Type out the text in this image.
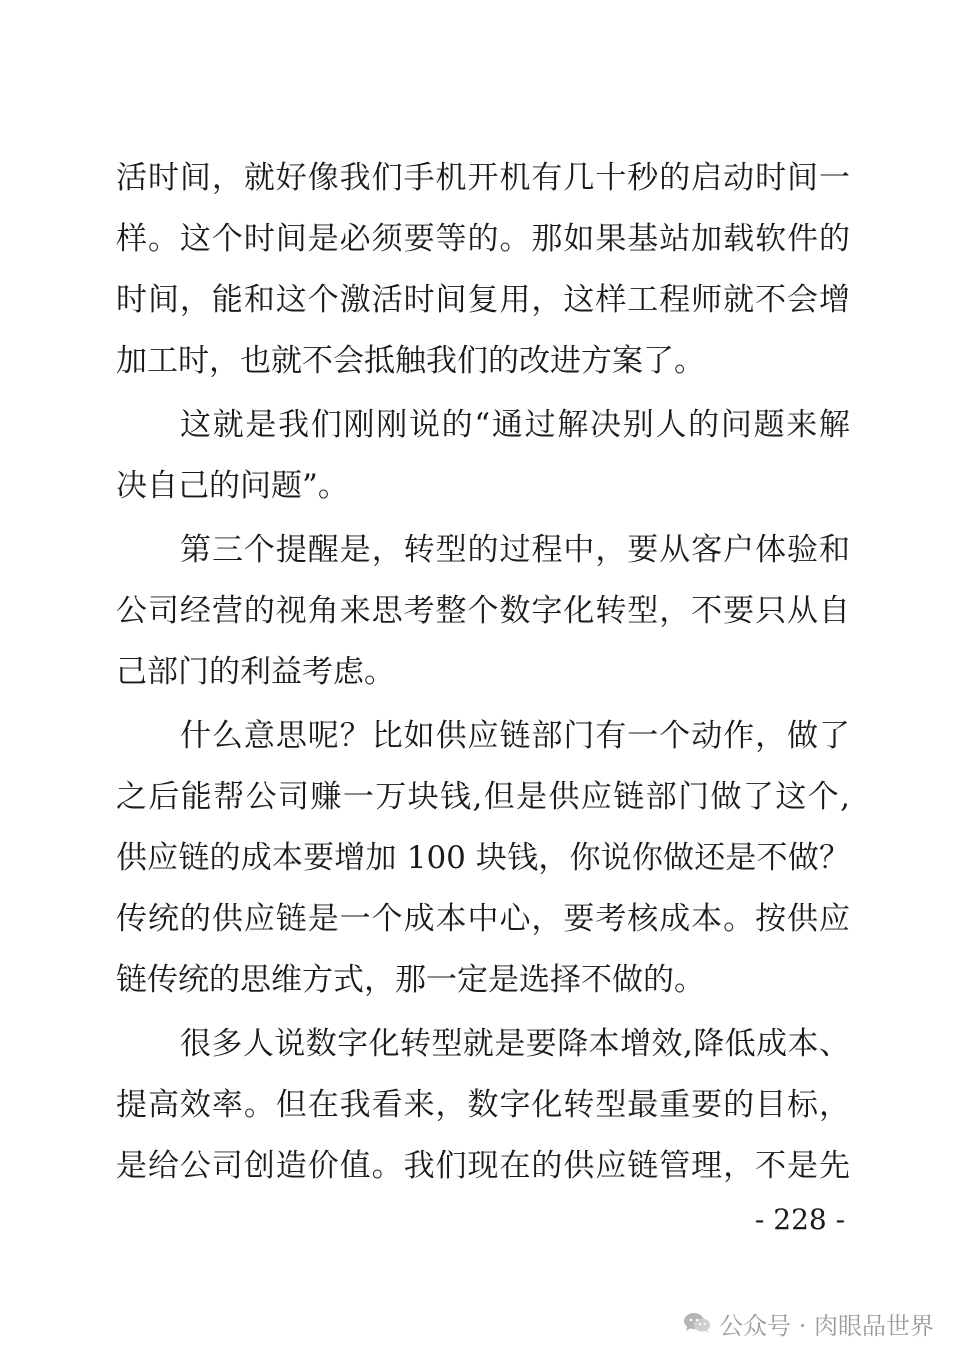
活时间，就好像我们手机开机有几十秒的启动时间一
样。这个时间是必须要等的。那如果基站加载软件的
时间，能和这个激活时间复用，这样工程师就不会增
加工时，也就不会抵触我们的改进方案了。
这就是我们刚刚说的“通过解决别人的问题来解
决自己的问题”。
第三个提醒是，转型的过程中，要从客户体验和
公司经营的视角来思考整个数字化转型，不要只从自
己部门的利益考虑。
什么意思呢？比如供应链部门有一个动作，做了
之后能帮公司赚一万块钱,但是供应链部门做了这个,
供应链的成本要增加 100 块钱，你说你做还是不做？
传统的供应链是一个成本中心，要考核成本。按供应
链传统的思维方式，那一定是选择不做的。
很多人说数字化转型就是要降本增效,降低成本、
提高效率。但在我看来，数字化转型最重要的目标，
是给公司创造价值。我们现在的供应链管理，不是先
- 228 -
公众号 · 肉眼品世界
